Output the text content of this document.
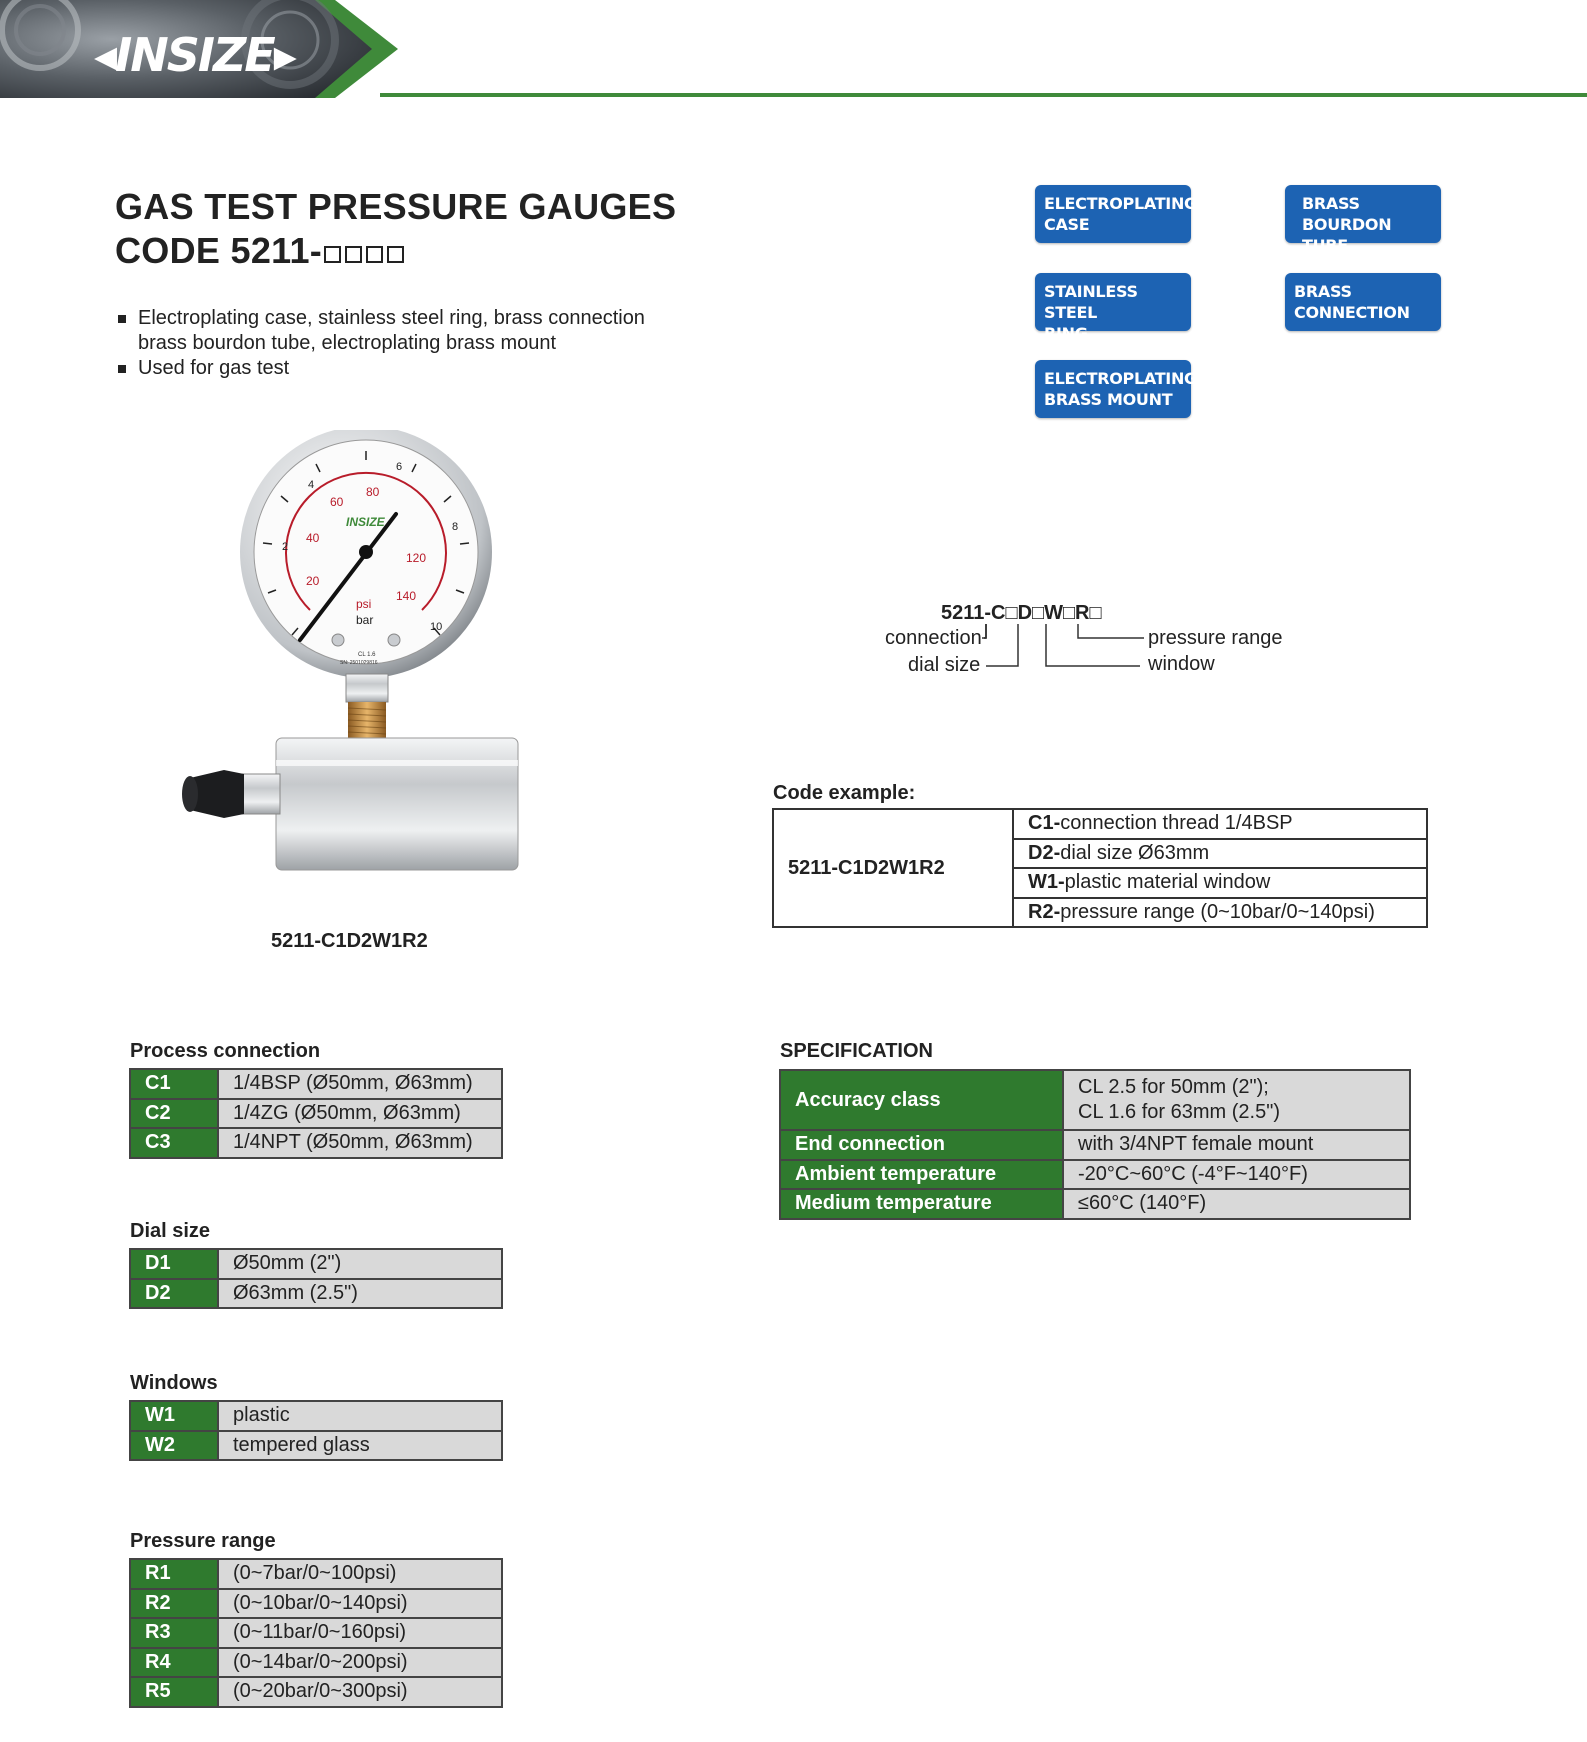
◂INSIZE▸
GAS TEST PRESSURE GAUGES
CODE 5211-
Electroplating case, stainless steel ring, brass connection
brass bourdon tube, electroplating brass mount
Used for gas test
ELECTROPLATING
CASE
BRASS
BOURDON TUBE
STAINLESS STEEL
RING
BRASS
CONNECTION
ELECTROPLATING
BRASS MOUNT
2
4
6
8
10
20
40
60
80
120
140
INSIZE
psi
bar
CL 1.6
SN: 2501029816
5211-C1D2W1R2
5211-C□D□W□R□
connection
dial size
pressure range
window
Code example:
5211-C1D2W1R2	C1-connection thread 1/4BSP
D2-dial size Ø63mm
W1-plastic material window
R2-pressure range (0~10bar/0~140psi)
Process connection
C1	1/4BSP (Ø50mm, Ø63mm)
C2	1/4ZG (Ø50mm, Ø63mm)
C3	1/4NPT (Ø50mm, Ø63mm)
Dial size
D1	Ø50mm (2")
D2	Ø63mm (2.5")
Windows
W1	plastic
W2	tempered glass
Pressure range
R1	(0~7bar/0~100psi)
R2	(0~10bar/0~140psi)
R3	(0~11bar/0~160psi)
R4	(0~14bar/0~200psi)
R5	(0~20bar/0~300psi)
SPECIFICATION
Accuracy class	CL 2.5 for 50mm (2");
CL 1.6 for 63mm (2.5")

End connection	with 3/4NPT female mount
Ambient temperature	-20°C~60°C (-4°F~140°F)
Medium temperature	≤60°C (140°F)
